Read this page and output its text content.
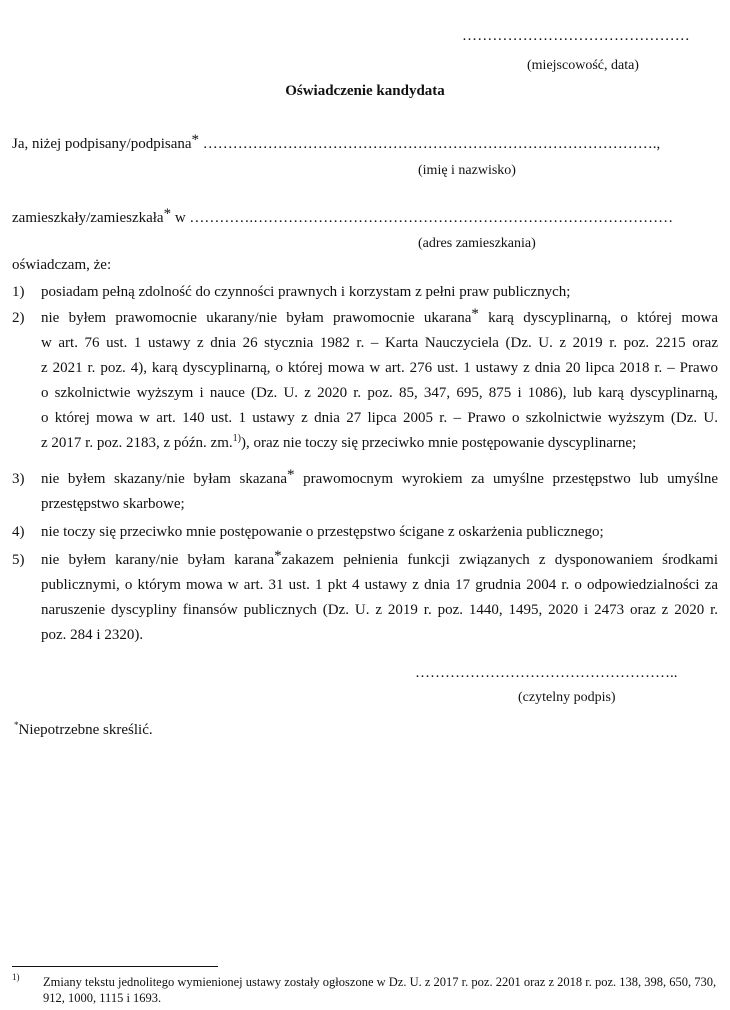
………………………………………
(miejscowość, data)
Oświadczenie kandydata
Ja, niżej podpisany/podpisana* ……………………………………………………………………………….,
(imię i nazwisko)
zamieszkały/zamieszkała* w ………….…………………………………………………………………………
(adres zamieszkania)
oświadczam, że:
1) posiadam pełną zdolność do czynności prawnych i korzystam z pełni praw publicznych;
2) nie byłem prawomocnie ukarany/nie byłam prawomocnie ukarana* karą dyscyplinarną, o której mowa
w art. 76 ust. 1 ustawy z dnia 26 stycznia 1982 r. – Karta Nauczyciela (Dz. U. z 2019 r. poz. 2215 oraz
z 2021 r. poz. 4), karą dyscyplinarną, o której mowa w art. 276 ust. 1 ustawy z dnia 20 lipca 2018 r. – Prawo
o szkolnictwie wyższym i nauce (Dz. U. z 2020 r. poz. 85, 347, 695, 875 i 1086), lub karą dyscyplinarną,
o której mowa w art. 140 ust. 1 ustawy z dnia 27 lipca 2005 r. – Prawo o szkolnictwie wyższym (Dz. U.
z 2017 r. poz. 2183, z późn. zm.$^{1)}$), oraz nie toczy się przeciwko mnie postępowanie dyscyplinarne;
3) nie byłem skazany/nie byłam skazana* prawomocnym wyrokiem za umyślne przestępstwo lub umyślne
przestępstwo skarbowe;
4) nie toczy się przeciwko mnie postępowanie o przestępstwo ścigane z oskarżenia publicznego;
5) nie byłem karany/nie byłam karana*zakazem pełnienia funkcji związanych z dysponowaniem środkami
publicznymi, o którym mowa w art. 31 ust. 1 pkt 4 ustawy z dnia 17 grudnia 2004 r. o odpowiedzialności za
naruszenie dyscypliny finansów publicznych (Dz. U. z 2019 r. poz. 1440, 1495, 2020 i 2473 oraz z 2020 r.
poz. 284 i 2320).
……………………………………………..
(czytelny podpis)
*Niepotrzebne skreślić.
1) Zmiany tekstu jednolitego wymienionej ustawy zostały ogłoszone w Dz. U. z 2017 r. poz. 2201 oraz z 2018 r. poz. 138, 398, 650, 730, 912, 1000, 1115 i 1693.
